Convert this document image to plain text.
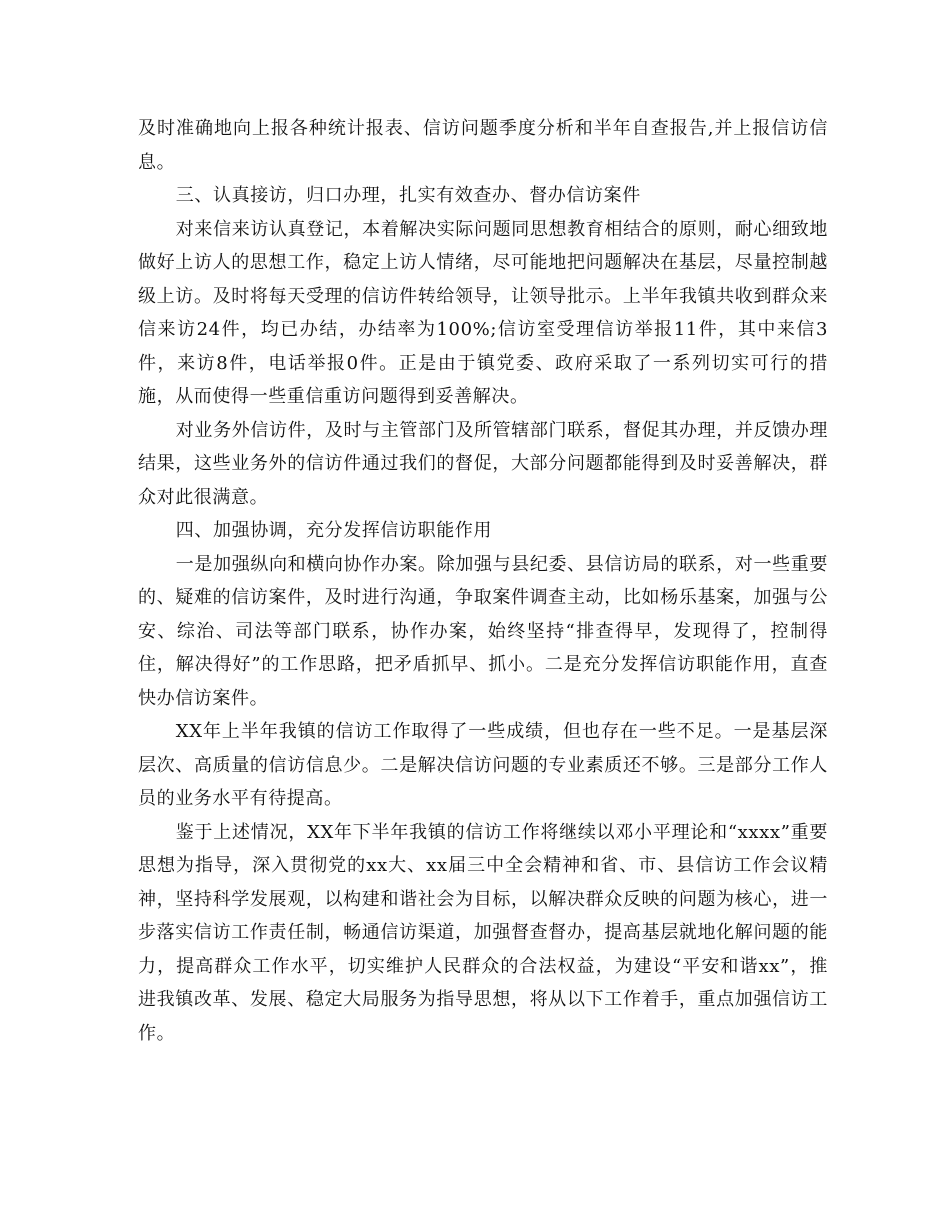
及时准确地向上报各种统计报表、信访问题季度分析和半年自查报告,并上报信访信息。

三、认真接访，归口办理，扎实有效查办、督办信访案件

对来信来访认真登记，本着解决实际问题同思想教育相结合的原则，耐心细致地做好上访人的思想工作，稳定上访人情绪，尽可能地把问题解决在基层，尽量控制越级上访。及时将每天受理的信访件转给领导，让领导批示。上半年我镇共收到群众来信来访24件，均已办结，办结率为100%;信访室受理信访举报11件，其中来信3件，来访8件，电话举报0件。正是由于镇党委、政府采取了一系列切实可行的措施，从而使得一些重信重访问题得到妥善解决。

对业务外信访件，及时与主管部门及所管辖部门联系，督促其办理，并反馈办理结果，这些业务外的信访件通过我们的督促，大部分问题都能得到及时妥善解决，群众对此很满意。

四、加强协调，充分发挥信访职能作用

一是加强纵向和横向协作办案。除加强与县纪委、县信访局的联系，对一些重要的、疑难的信访案件，及时进行沟通，争取案件调查主动，比如杨乐基案，加强与公安、综治、司法等部门联系，协作办案，始终坚持“排查得早，发现得了，控制得住，解决得好”的工作思路，把矛盾抓早、抓小。二是充分发挥信访职能作用，直查快办信访案件。

XX年上半年我镇的信访工作取得了一些成绩，但也存在一些不足。一是基层深层次、高质量的信访信息少。二是解决信访问题的专业素质还不够。三是部分工作人员的业务水平有待提高。

鉴于上述情况，XX年下半年我镇的信访工作将继续以邓小平理论和“xxxx”重要思想为指导，深入贯彻党的xx大、xx届三中全会精神和省、市、县信访工作会议精神，坚持科学发展观，以构建和谐社会为目标，以解决群众反映的问题为核心，进一步落实信访工作责任制，畅通信访渠道，加强督查督办，提高基层就地化解问题的能力，提高群众工作水平，切实维护人民群众的合法权益，为建设“平安和谐xx”，推进我镇改革、发展、稳定大局服务为指导思想，将从以下工作着手，重点加强信访工作。
